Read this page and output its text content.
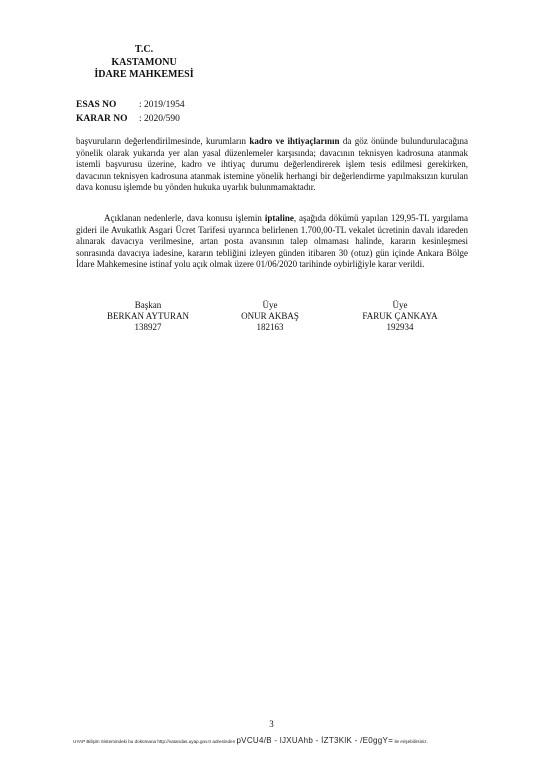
T.C.
KASTAMONU
İDARE MAHKEMESİ
ESAS NO : 2019/1954
KARAR NO : 2020/590
başvuruların değerlendirilmesinde, kurumların kadro ve ihtiyaçlarının da göz önünde bulundurulacağına yönelik olarak yukarıda yer alan yasal düzenlemeler karşısında; davacının teknisyen kadrosuna atanmak istemli başvurusu üzerine, kadro ve ihtiyaç durumu değerlendirerek işlem tesis edilmesi gerekirken, davacının teknisyen kadrosuna atanmak istemine yönelik herhangi bir değerlendirme yapılmaksızın kurulan dava konusu işlemde bu yönden hukuka uyarlık bulunmamaktadır.
Açıklanan nedenlerle, dava konusu işlemin iptaline, aşağıda dökümü yapılan 129,95-TL yargılama gideri ile Avukatlık Asgari Ücret Tarifesi uyarınca belirlenen 1.700,00-TL vekalet ücretinin davalı idareden alınarak davacıya verilmesine, artan posta avansının talep olmaması halinde, kararın kesinleşmesi sonrasında davacıya iadesine, kararın tebliğini izleyen günden itibaren 30 (otuz) gün içinde Ankara Bölge İdare Mahkemesine istinaf yolu açık olmak üzere 01/06/2020 tarihinde oybirliğiyle karar verildi.
Başkan
BERKAN AYTURAN
138927
Üye
ONUR AKBAŞ
182163
Üye
FARUK ÇANKAYA
192934
3
UYAP Bilişim Sistemindeki bu dokümana http://vatandas.uyap.gov.tr adresinden pVCU4/B - lJXUAhb - İZT3KlK - /E0ggY= ile erişebilirsiniz.
